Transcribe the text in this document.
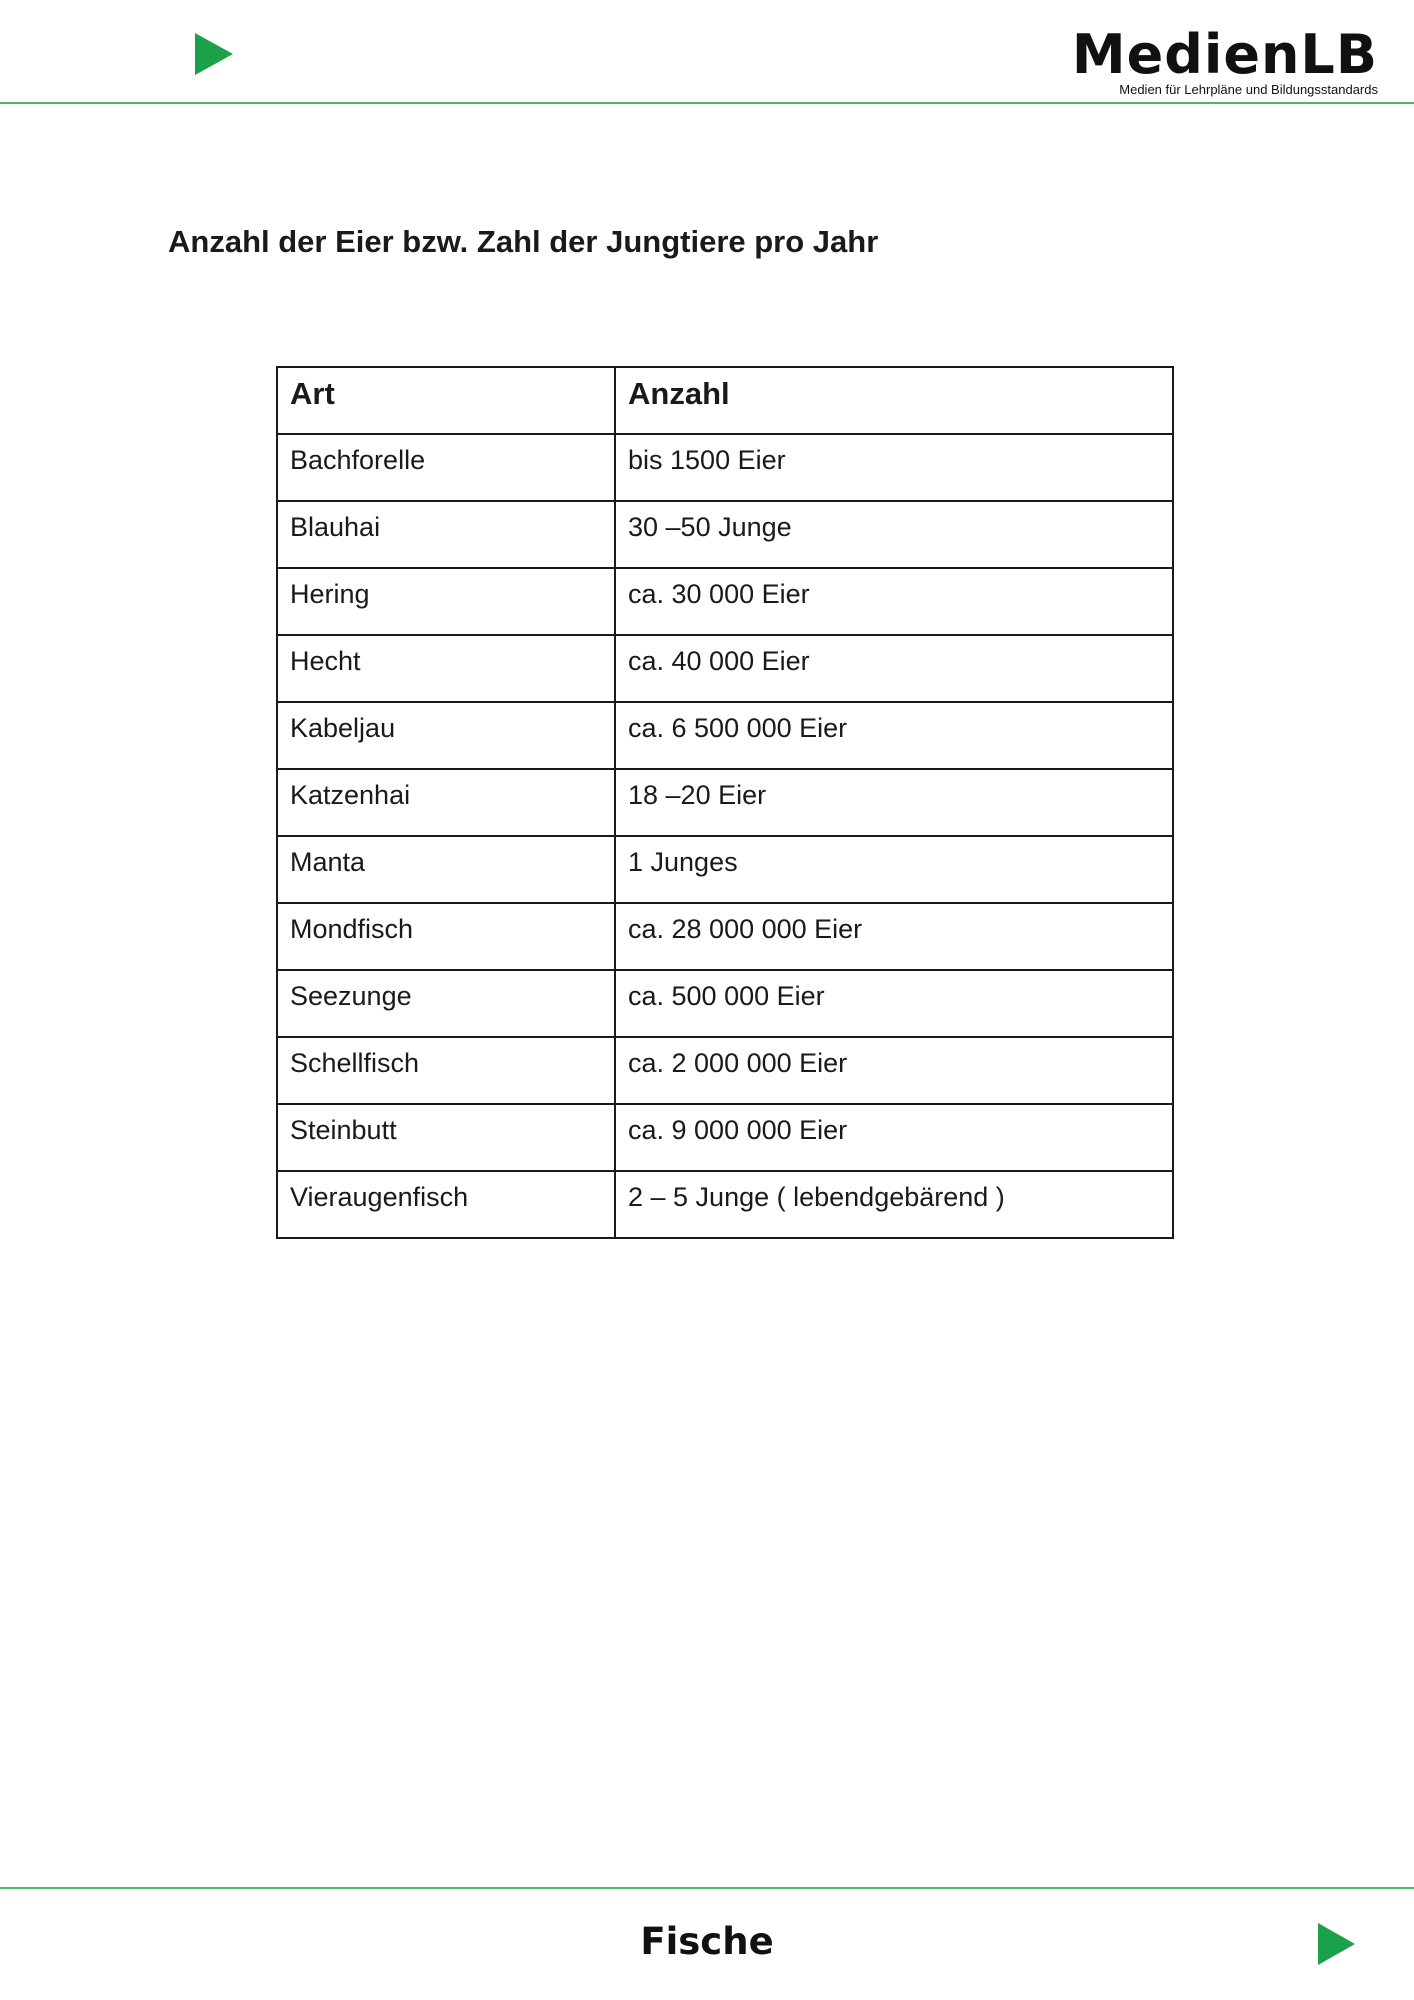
MedienLB
Medien für Lehrpläne und Bildungsstandards
Anzahl der Eier bzw. Zahl der Jungtiere pro Jahr
Art	Anzahl
Bachforelle	bis 1500 Eier
Blauhai	30 –50 Junge
Hering	ca. 30 000 Eier
Hecht	ca. 40 000 Eier
Kabeljau	ca. 6 500 000 Eier
Katzenhai	18 –20 Eier
Manta	1 Junges
Mondfisch	ca. 28 000 000 Eier
Seezunge	ca. 500 000 Eier
Schellfisch	ca. 2 000 000 Eier
Steinbutt	ca. 9 000 000 Eier
Vieraugenfisch	2 – 5 Junge ( lebendgebärend )
Fische
